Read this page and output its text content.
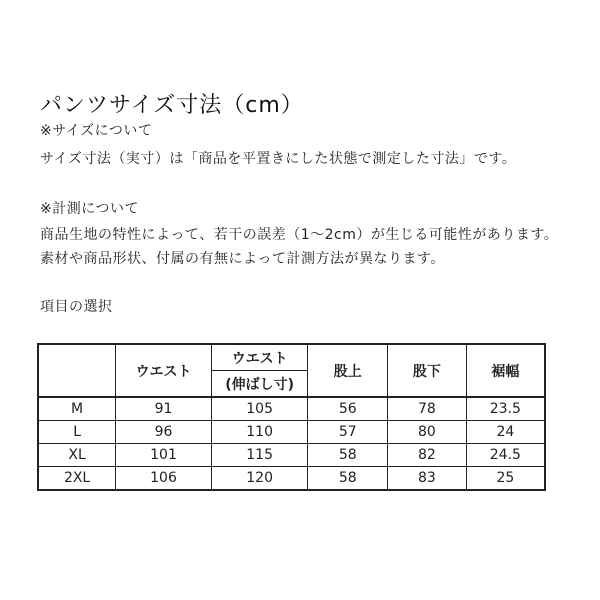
パンツサイズ寸法（cm）
※サイズについて
サイズ寸法（実寸）は「商品を平置きにした状態で測定した寸法」です。
※計測について
商品生地の特性によって、若干の誤差（1～2cm）が生じる可能性があります。
素材や商品形状、付属の有無によって計測方法が異なります。
項目の選択
	ウエスト	ウエスト	股上	股下	裾幅
		(伸ばし寸)			
M	91	105	56	78	23.5
L	96	110	57	80	24
XL	101	115	58	82	24.5
2XL	106	120	58	83	25
